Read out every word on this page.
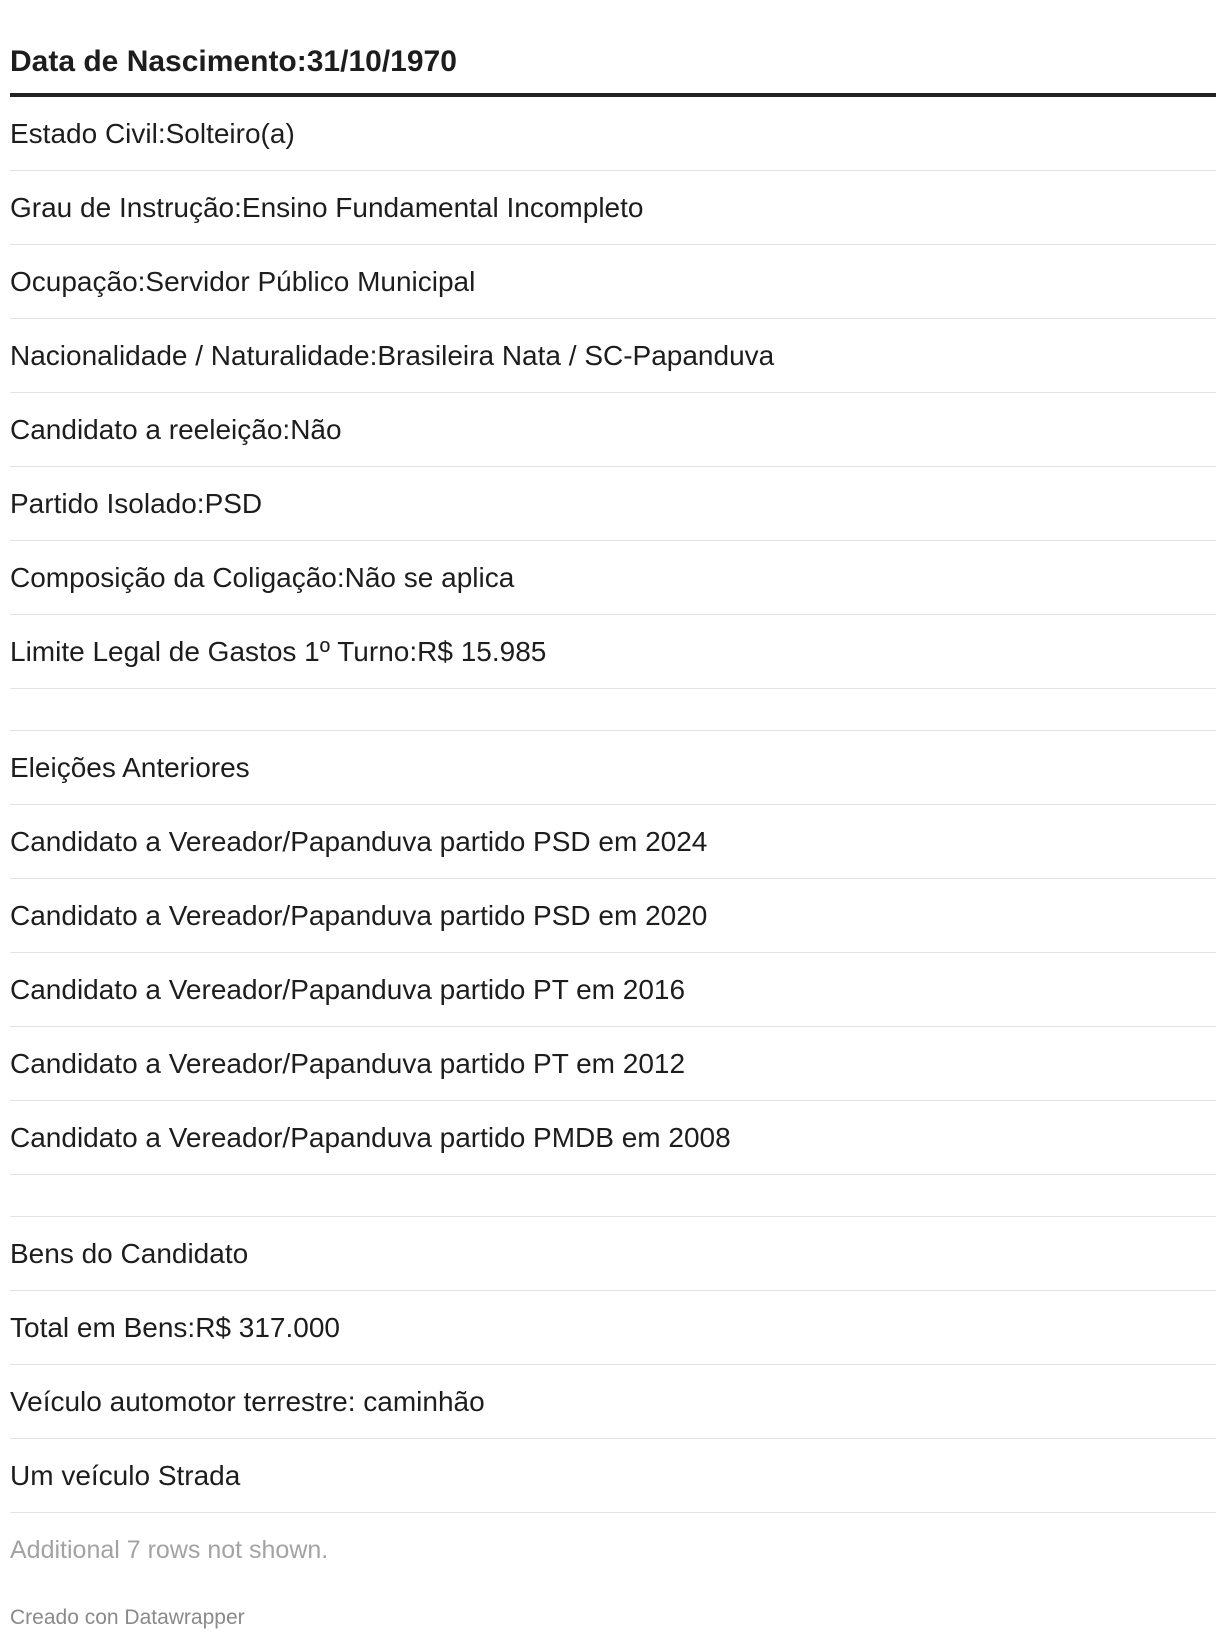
Data de Nascimento:31/10/1970
Estado Civil:Solteiro(a)
Grau de Instrução:Ensino Fundamental Incompleto
Ocupação:Servidor Público Municipal
Nacionalidade / Naturalidade:Brasileira Nata / SC-Papanduva
Candidato a reeleição:Não
Partido Isolado:PSD
Composição da Coligação:Não se aplica
Limite Legal de Gastos 1º Turno:R$ 15.985
Eleições Anteriores
Candidato a Vereador/Papanduva partido PSD em 2024
Candidato a Vereador/Papanduva partido PSD em 2020
Candidato a Vereador/Papanduva partido PT em 2016
Candidato a Vereador/Papanduva partido PT em 2012
Candidato a Vereador/Papanduva partido PMDB em 2008
Bens do Candidato
Total em Bens:R$ 317.000
Veículo automotor terrestre: caminhão
Um veículo Strada
Additional 7 rows not shown.
Creado con Datawrapper
